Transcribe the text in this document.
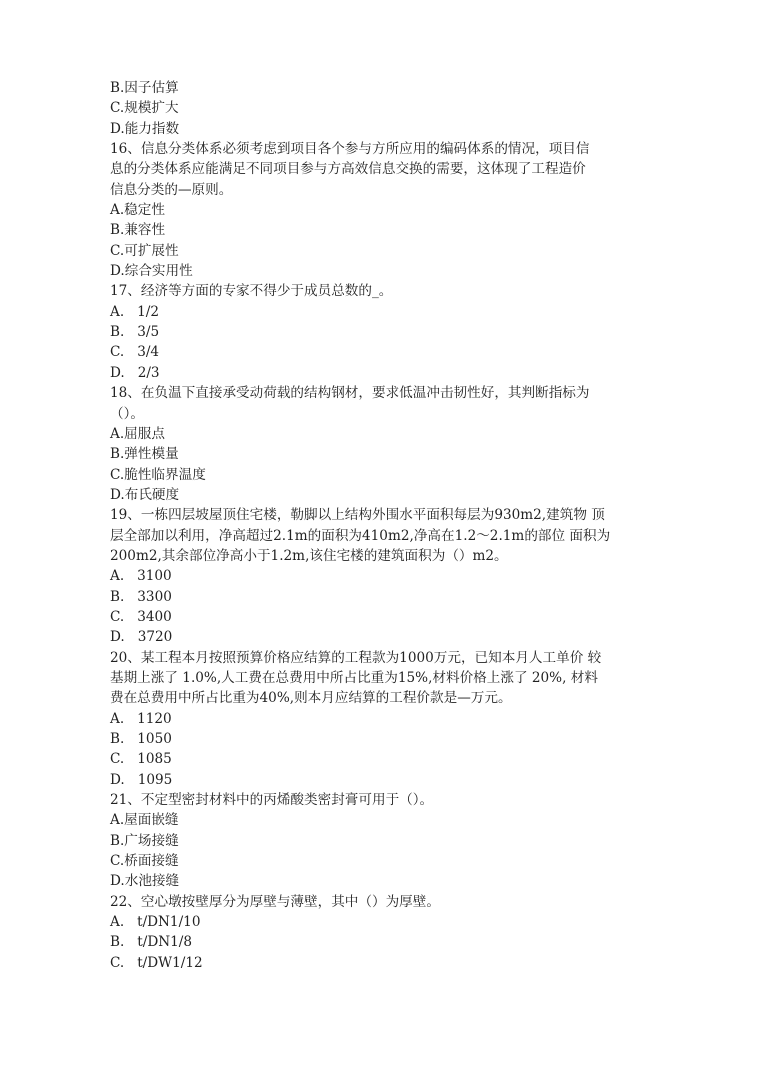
B.因子估算
C.规模扩大
D.能力指数
16、信息分类体系必须考虑到项目各个参与方所应用的编码体系的情况，项目信
息的分类体系应能满足不同项目参与方高效信息交换的需要，这体现了工程造价
信息分类的—原则。
A.稳定性
B.兼容性
C.可扩展性
D.综合实用性
17、经济等方面的专家不得少于成员总数的_。
A.   1/2
B.   3/5
C.   3/4
D.   2/3
18、在负温下直接承受动荷载的结构钢材，要求低温冲击韧性好，其判断指标为
（）。
A.屈服点
B.弹性模量
C.脆性临界温度
D.布氏硬度
19、一栋四层坡屋顶住宅楼，勒脚以上结构外围水平面积每层为930m2,建筑物 顶
层全部加以利用，净高超过2.1m的面积为410m2,净高在1.2～2.1m的部位 面积为
200m2,其余部位净高小于1.2m,该住宅楼的建筑面积为（）m2。
A.   3100
B.   3300
C.   3400
D.   3720
20、某工程本月按照预算价格应结算的工程款为1000万元，已知本月人工单价 较
基期上涨了 1.0%,人工费在总费用中所占比重为15%,材料价格上涨了 20%, 材料
费在总费用中所占比重为40%,则本月应结算的工程价款是—万元。
A.   1120
B.   1050
C.   1085
D.   1095
21、不定型密封材料中的丙烯酸类密封膏可用于（）。
A.屋面嵌缝
B.广场接缝
C.桥面接缝
D.水池接缝
22、空心墩按壁厚分为厚壁与薄壁，其中（）为厚壁。
A.   t/DN1/10
B.   t/DN1/8
C.   t/DW1/12
